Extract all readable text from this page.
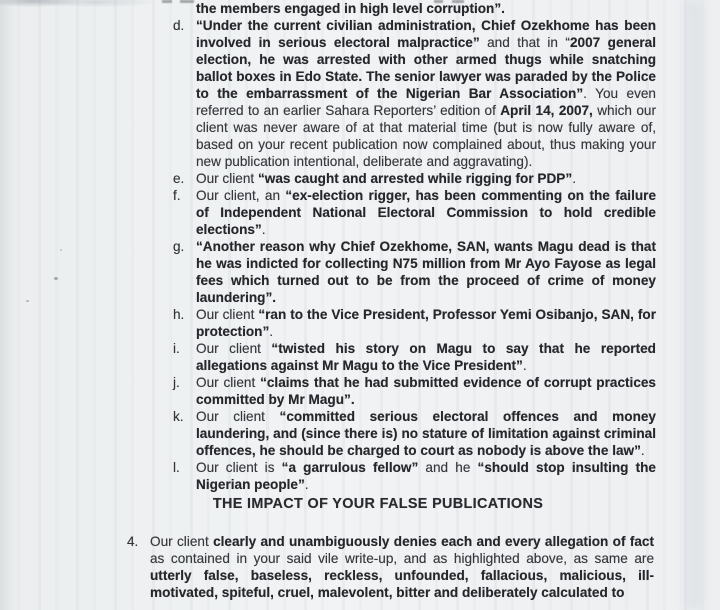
the members engaged in high level corruption”.
d. “Under the current civilian administration, Chief Ozekhome has been involved in serious electoral malpractice” and that in “2007 general election, he was arrested with other armed thugs while snatching ballot boxes in Edo State. The senior lawyer was paraded by the Police to the embarrassment of the Nigerian Bar Association”. You even referred to an earlier Sahara Reporters’ edition of April 14, 2007, which our client was never aware of at that material time (but is now fully aware of, based on your recent publication now complained about, thus making your new publication intentional, deliberate and aggravating).
e. Our client “was caught and arrested while rigging for PDP”.
f.	Our client, an “ex-election rigger, has been commenting on the failure of Independent National Electoral Commission to hold credible elections”.
g. “Another reason why Chief Ozekhome, SAN, wants Magu dead is that he was indicted for collecting N75 million from Mr Ayo Fayose as legal fees which turned out to be from the proceed of crime of money laundering”.
h. Our client “ran to the Vice President, Professor Yemi Osibanjo, SAN, for protection”.
i.	Our client “twisted his story on Magu to say that he reported allegations against Mr Magu to the Vice President”.
j.	Our client “claims that he had submitted evidence of corrupt practices committed by Mr Magu”.
k. Our client “committed serious electoral offences and money laundering, and (since there is) no stature of limitation against criminal offences, he should be charged to court as nobody is above the law”.
l.	Our client is “a garrulous fellow” and he “should stop insulting the Nigerian people”.
THE IMPACT OF YOUR FALSE PUBLICATIONS
4. Our client clearly and unambiguously denies each and every allegation of fact as contained in your said vile write-up, and as highlighted above, as same are utterly false, baseless, reckless, unfounded, fallacious, malicious, ill-motivated, spiteful, cruel, malevolent, bitter and deliberately calculated to
